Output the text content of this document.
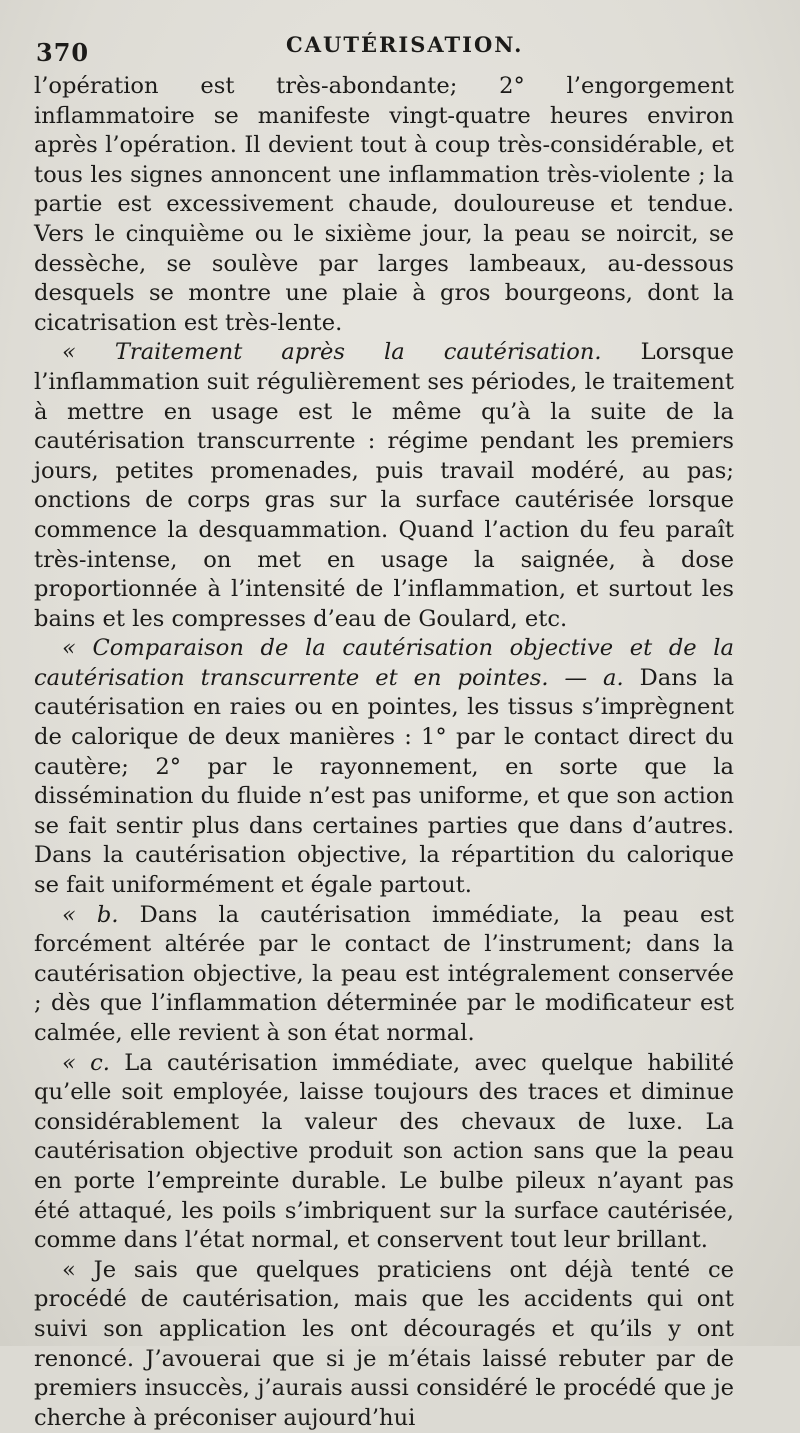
370	CAUTÉRISATION.

l’opération est très-abondante; 2° l’engorgement inflammatoire se manifeste vingt-quatre heures environ après l’opération. Il devient tout à coup très-considérable, et tous les signes annoncent une inflammation très-violente ; la partie est excessivement chaude, douloureuse et tendue. Vers le cinquième ou le sixième jour, la peau se noircit, se dessèche, se soulève par larges lambeaux, au-dessous desquels se montre une plaie à gros bourgeons, dont la cicatrisation est très-lente.

« Traitement après la cautérisation. Lorsque l’inflammation suit régulièrement ses périodes, le traitement à mettre en usage est le même qu’à la suite de la cautérisation transcurrente : régime pendant les premiers jours, petites promenades, puis travail modéré, au pas; onctions de corps gras sur la surface cautérisée lorsque commence la desquammation. Quand l’action du feu paraît très-intense, on met en usage la saignée, à dose proportionnée à l’intensité de l’inflammation, et surtout les bains et les compresses d’eau de Goulard, etc.

« Comparaison de la cautérisation objective et de la cautérisation transcurrente et en pointes. — a. Dans la cautérisation en raies ou en pointes, les tissus s’imprègnent de calorique de deux manières : 1° par le contact direct du cautère; 2° par le rayonnement, en sorte que la dissémination du fluide n’est pas uniforme, et que son action se fait sentir plus dans certaines parties que dans d’autres. Dans la cautérisation objective, la répartition du calorique se fait uniformément et égale partout.

« b. Dans la cautérisation immédiate, la peau est forcément altérée par le contact de l’instrument; dans la cautérisation objective, la peau est intégralement conservée ; dès que l’inflammation déterminée par le modificateur est calmée, elle revient à son état normal.

« c. La cautérisation immédiate, avec quelque habilité qu’elle soit employée, laisse toujours des traces et diminue considérablement la valeur des chevaux de luxe. La cautérisation objective produit son action sans que la peau en porte l’empreinte durable. Le bulbe pileux n’ayant pas été attaqué, les poils s’imbriquent sur la surface cautérisée, comme dans l’état normal, et conservent tout leur brillant.

« Je sais que quelques praticiens ont déjà tenté ce procédé de cautérisation, mais que les accidents qui ont suivi son application les ont découragés et qu’ils y ont renoncé. J’avouerai que si je m’étais laissé rebuter par de premiers insuccès, j’aurais aussi considéré le procédé que je cherche à préconiser aujourd’hui
